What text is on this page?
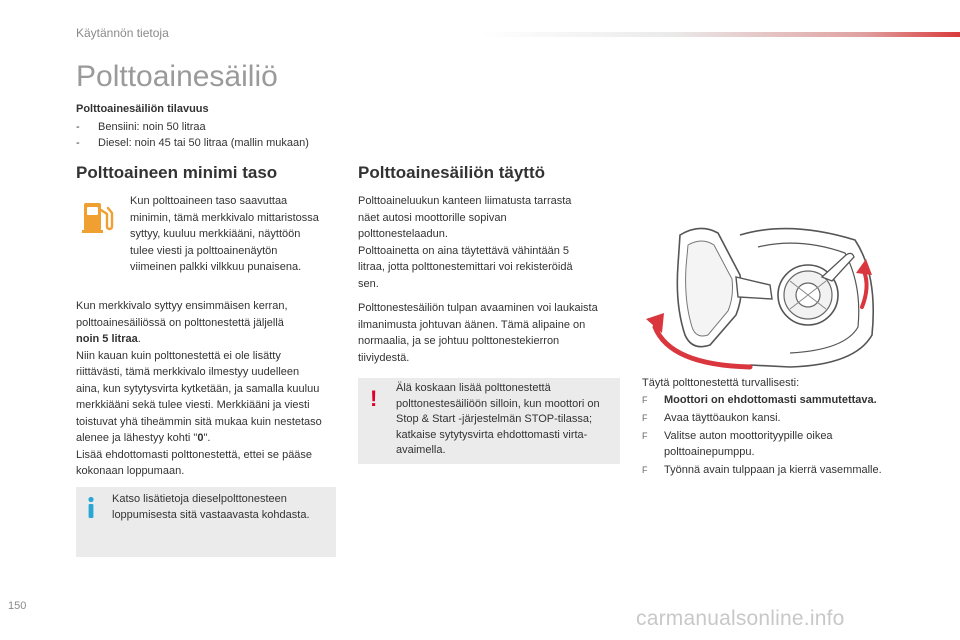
Käytännön tietoja
Polttoainesäiliö
Polttoainesäiliön tilavuus
-	Bensiini: noin 50 litraa
-	Diesel: noin 45 tai 50 litraa (mallin mukaan)
Polttoaineen minimi taso

Kun polttoaineen taso saavuttaa minimin, tämä merkkivalo mittaristossa syttyy, kuuluu merkkiääni, näyttöön tulee viesti ja polttoainenäytön viimeinen palkki vilkkuu punaisena.

Kun merkkivalo syttyy ensimmäisen kerran, polttoainesäiliössä on polttonestettä jäljellä
noin 5 litraa.
Niin kauan kuin polttonestettä ei ole lisätty riittävästi, tämä merkkivalo ilmestyy uudelleen aina, kun sytytysvirta kytketään, ja samalla kuuluu merkkiääni sekä tulee viesti. Merkkiääni ja viesti toistuvat yhä tiheämmin sitä mukaa kuin nestetaso alenee ja lähestyy kohti "0".
Lisää ehdottomasti polttonestettä, ettei se pääse kokonaan loppumaan.
Katso lisätietoja dieselpolttonesteen loppumisesta sitä vastaavasta kohdasta.
Polttoainesäiliön täyttö
Polttoaineluukun kanteen liimatusta tarrasta näet autosi moottorille sopivan polttonestelaadun.
Polttoainetta on aina täytettävä vähintään 5 litraa, jotta polttonestemittari voi rekisteröidä sen.

Polttonestesäiliön tulpan avaaminen voi laukaista ilmanimusta johtuvan äänen. Tämä alipaine on normaalia, ja se johtuu polttonestekierron tiiviydestä.

! Älä koskaan lisää polttonestettä polttonestesäiliöön silloin, kun moottori on Stop & Start -järjestelmän STOP-tilassa; katkaise sytytysvirta ehdottomasti virta-avaimella.

Täytä polttonestettä turvallisesti:

F	Moottori on ehdottomasti sammutettava.
F	Avaa täyttöaukon kansi.
F	Valitse auton moottorityypille oikea polttoainepumppu.
F	Työnnä avain tulppaan ja kierrä vasemmalle.
150
carmanualsonline.info
